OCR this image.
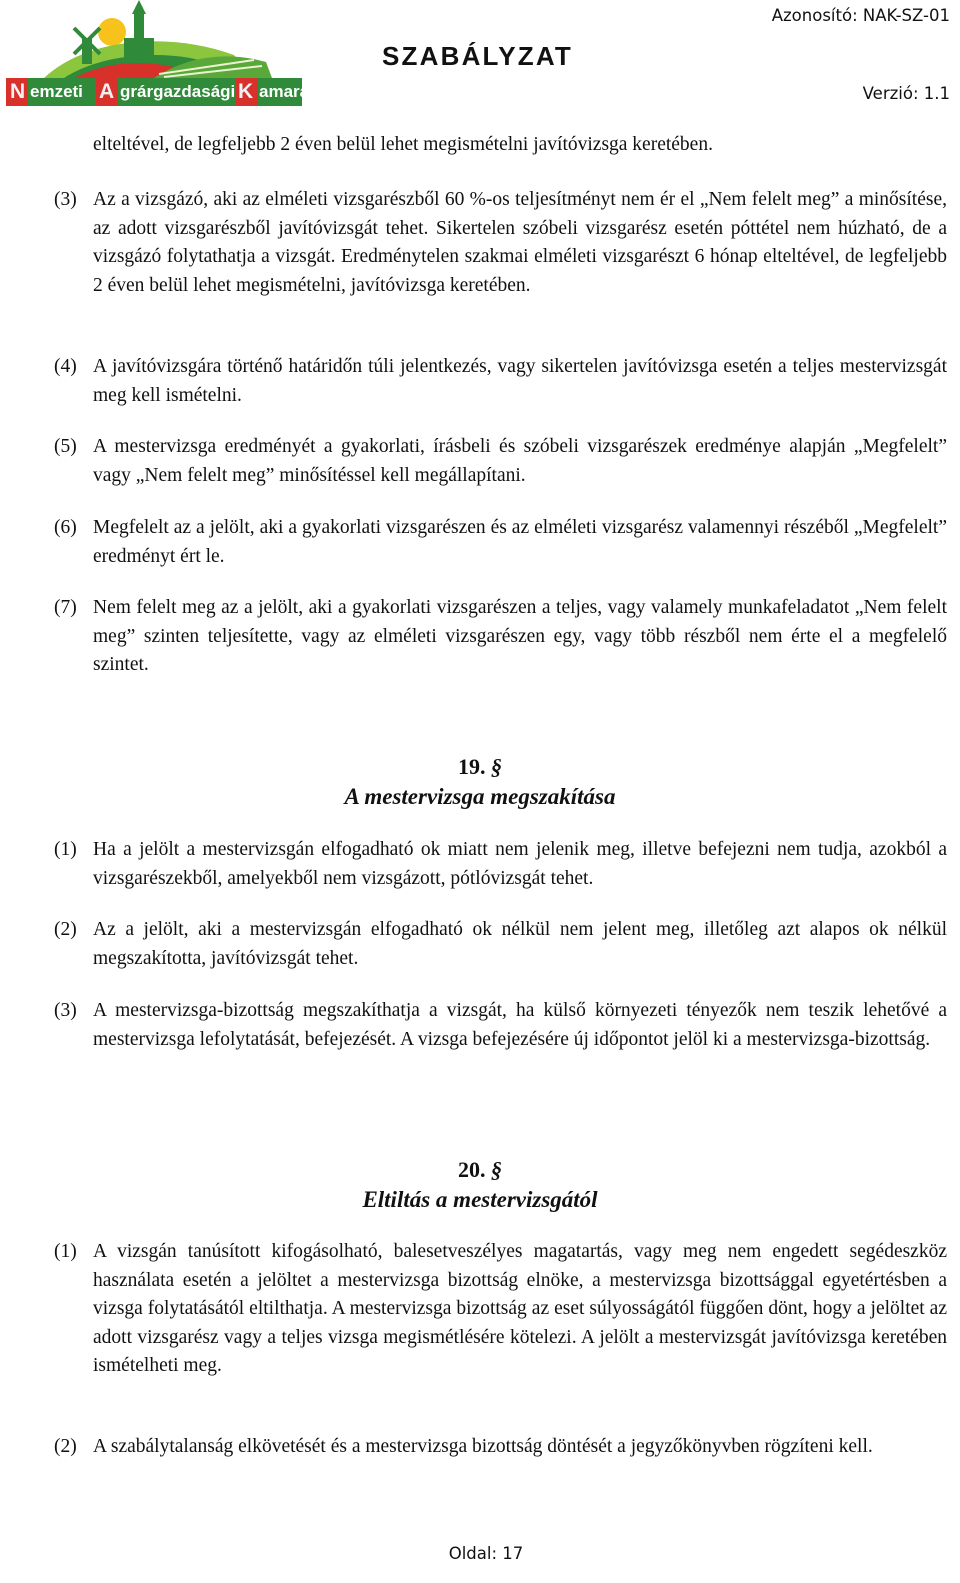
N emzeti A grárgazdasági K amara
SZABÁLYZAT
Azonosító: NAK-SZ-01
Verzió: 1.1
elteltével, de legfeljebb 2 éven belül lehet megismételni javítóvizsga keretében.
(3) Az a vizsgázó, aki az elméleti vizsgarészből 60 %-os teljesítményt nem ér el „Nem felelt meg” a minősítése, az adott vizsgarészből javítóvizsgát tehet. Sikertelen szóbeli vizsgarész esetén póttétel nem húzható, de a vizsgázó folytathatja a vizsgát. Eredménytelen szakmai elméleti vizsgarészt 6 hónap elteltével, de legfeljebb 2 éven belül lehet megismételni, javítóvizsga keretében.
(4) A javítóvizsgára történő határidőn túli jelentkezés, vagy sikertelen javítóvizsga esetén a teljes mestervizsgát meg kell ismételni.
(5) A mestervizsga eredményét a gyakorlati, írásbeli és szóbeli vizsgarészek eredménye alapján „Megfelelt” vagy „Nem felelt meg” minősítéssel kell megállapítani.
(6) Megfelelt az a jelölt, aki a gyakorlati vizsgarészen és az elméleti vizsgarész valamennyi részéből „Megfelelt” eredményt ért le.
(7) Nem felelt meg az a jelölt, aki a gyakorlati vizsgarészen a teljes, vagy valamely munkafeladatot „Nem felelt meg” szinten teljesítette, vagy az elméleti vizsgarészen egy, vagy több részből nem érte el a megfelelő szintet.
19. §
A mestervizsga megszakítása
(1) Ha a jelölt a mestervizsgán elfogadható ok miatt nem jelenik meg, illetve befejezni nem tudja, azokból a vizsgarészekből, amelyekből nem vizsgázott, pótlóvizsgát tehet.
(2) Az a jelölt, aki a mestervizsgán elfogadható ok nélkül nem jelent meg, illetőleg azt alapos ok nélkül megszakította, javítóvizsgát tehet.
(3) A mestervizsga-bizottság megszakíthatja a vizsgát, ha külső környezeti tényezők nem teszik lehetővé a mestervizsga lefolytatását, befejezését. A vizsga befejezésére új időpontot jelöl ki a mestervizsga-bizottság.
20. §
Eltiltás a mestervizsgától
(1) A vizsgán tanúsított kifogásolható, balesetveszélyes magatartás, vagy meg nem engedett segédeszköz használata esetén a jelöltet a mestervizsga bizottság elnöke, a mestervizsga bizottsággal egyetértésben a vizsga folytatásától eltilthatja. A mestervizsga bizottság az eset súlyosságától függően dönt, hogy a jelöltet az adott vizsgarész vagy a teljes vizsga megismétlésére kötelezi. A jelölt a mestervizsgát javítóvizsga keretében ismételheti meg.
(2) A szabálytalanság elkövetését és a mestervizsga bizottság döntését a jegyzőkönyvben rögzíteni kell.
Oldal: 17
